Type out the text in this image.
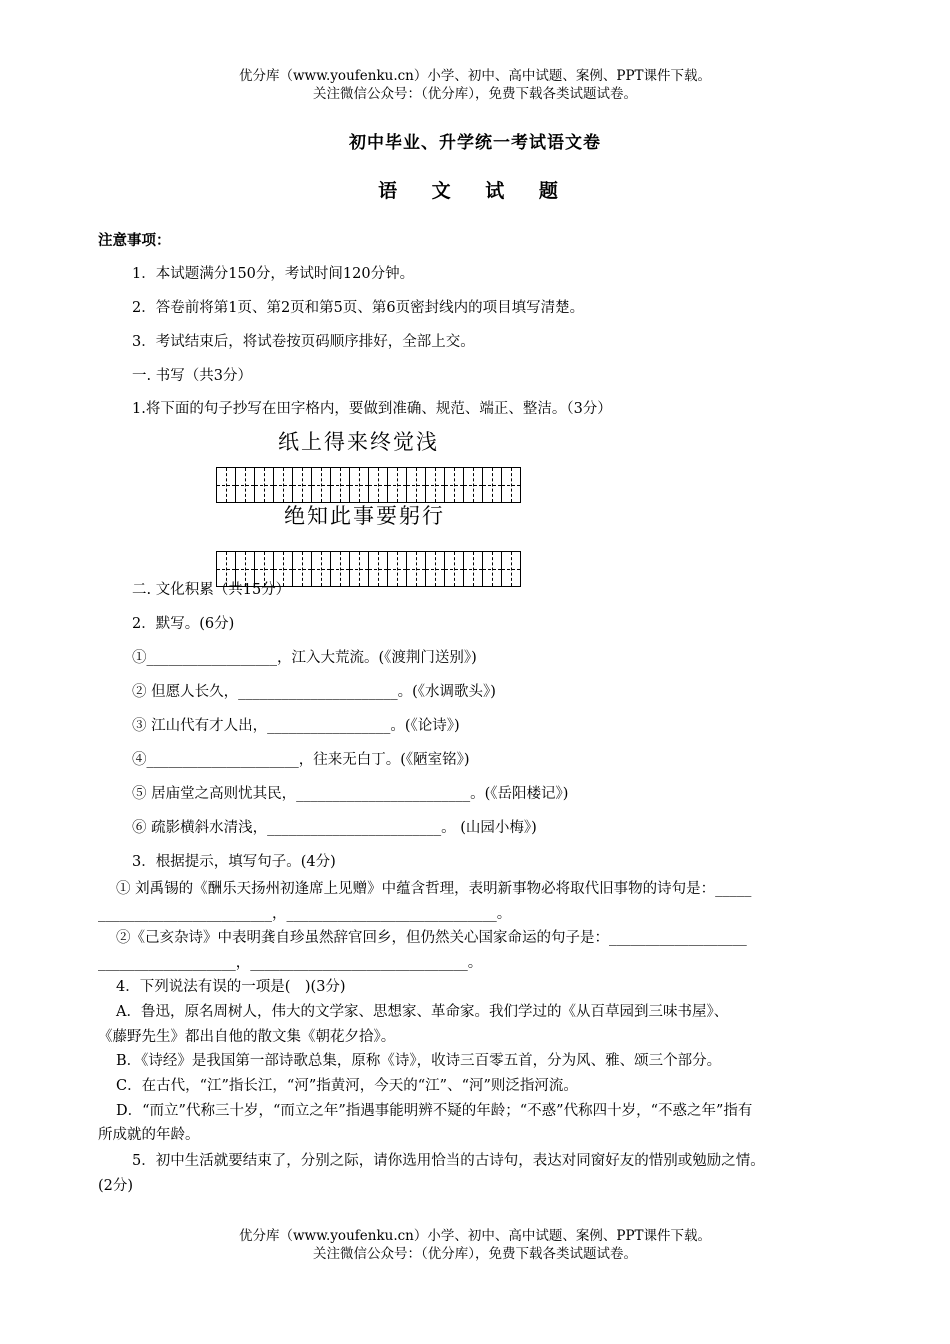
优分库（www.youfenku.cn）小学、初中、高中试题、案例、PPT课件下载。
关注微信公众号：（优分库），免费下载各类试题试卷。
初中毕业、升学统一考试语文卷
语 文 试 题
注意事项：
1．本试题满分150分，考试时间120分钟。
2．答卷前将第1页、第2页和第5页、第6页密封线内的项目填写清楚。
3．考试结束后，将试卷按页码顺序排好，全部上交。
一. 书写（共3分）
1.将下面的句子抄写在田字格内，要做到准确、规范、端正、整洁。（3分）
纸上得来终觉浅
绝知此事要躬行
二. 文化积累（共15分）
2．默写。(6分)
①__________________，江入大荒流。(《渡荆门送别》)
② 但愿人长久，______________________。(《水调歌头》)
③ 江山代有才人出，_________________。(《论诗》)
④_____________________，往来无白丁。(《陋室铭》)
⑤ 居庙堂之高则忧其民，________________________。(《岳阳楼记》)
⑥ 疏影横斜水清浅，________________________。 (山园小梅》)
3．根据提示，填写句子。(4分)
① 刘禹锡的《酬乐天扬州初逢席上见赠》中蕴含哲理，表明新事物必将取代旧事物的诗句是：_____
________________________，_____________________________。
②《己亥杂诗》中表明龚自珍虽然辞官回乡，但仍然关心国家命运的句子是：___________________
___________________，______________________________。
4．下列说法有误的一项是(　)(3分)
A．鲁迅，原名周树人，伟大的文学家、思想家、革命家。我们学过的《从百草园到三味书屋》、
《藤野先生》都出自他的散文集《朝花夕拾》。
B．《诗经》是我国第一部诗歌总集，原称《诗》，收诗三百零五首，分为风、雅、颂三个部分。
C．在古代，“江”指长江，“河”指黄河，今天的“江”、“河”则泛指河流。
D．“而立”代称三十岁，“而立之年”指遇事能明辨不疑的年龄；“不惑”代称四十岁，“不惑之年”指有
所成就的年龄。
5．初中生活就要结束了，分别之际，请你选用恰当的古诗句，表达对同窗好友的惜别或勉励之情。
(2分)
优分库（www.youfenku.cn）小学、初中、高中试题、案例、PPT课件下载。
关注微信公众号：（优分库），免费下载各类试题试卷。
